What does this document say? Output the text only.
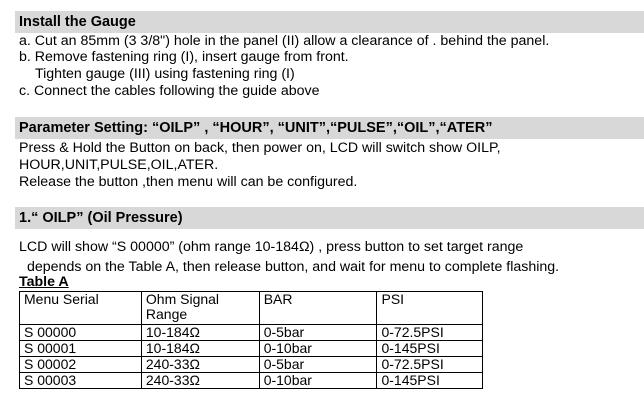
Install the Gauge
a. Cut an 85mm (3 3/8") hole in the panel (II) allow a clearance of . behind the panel.
b. Remove fastening ring (I), insert gauge from front.
Tighten gauge (III) using fastening ring (I)
c. Connect the cables following the guide above
Parameter Setting: “OILP” , “HOUR”, “UNIT”,“PULSE”,“OIL”,“ATER”
Press & Hold the Button on back, then power on, LCD will switch show OILP,
HOUR,UNIT,PULSE,OIL,ATER.
Release the button ,then menu will can be configured.
1.“ OILP” (Oil Pressure)
LCD will show “S 00000” (ohm range 10-184Ω) , press button to set target range
depends on the Table A, then release button, and wait for menu to complete flashing.
Table A
Menu Serial	Ohm Signal
Range	BAR	PSI
S 00000	10-184Ω	0-5bar	0-72.5PSI
S 00001	10-184Ω	0-10bar	0-145PSI
S 00002	240-33Ω	0-5bar	0-72.5PSI
S 00003	240-33Ω	0-10bar	0-145PSI
